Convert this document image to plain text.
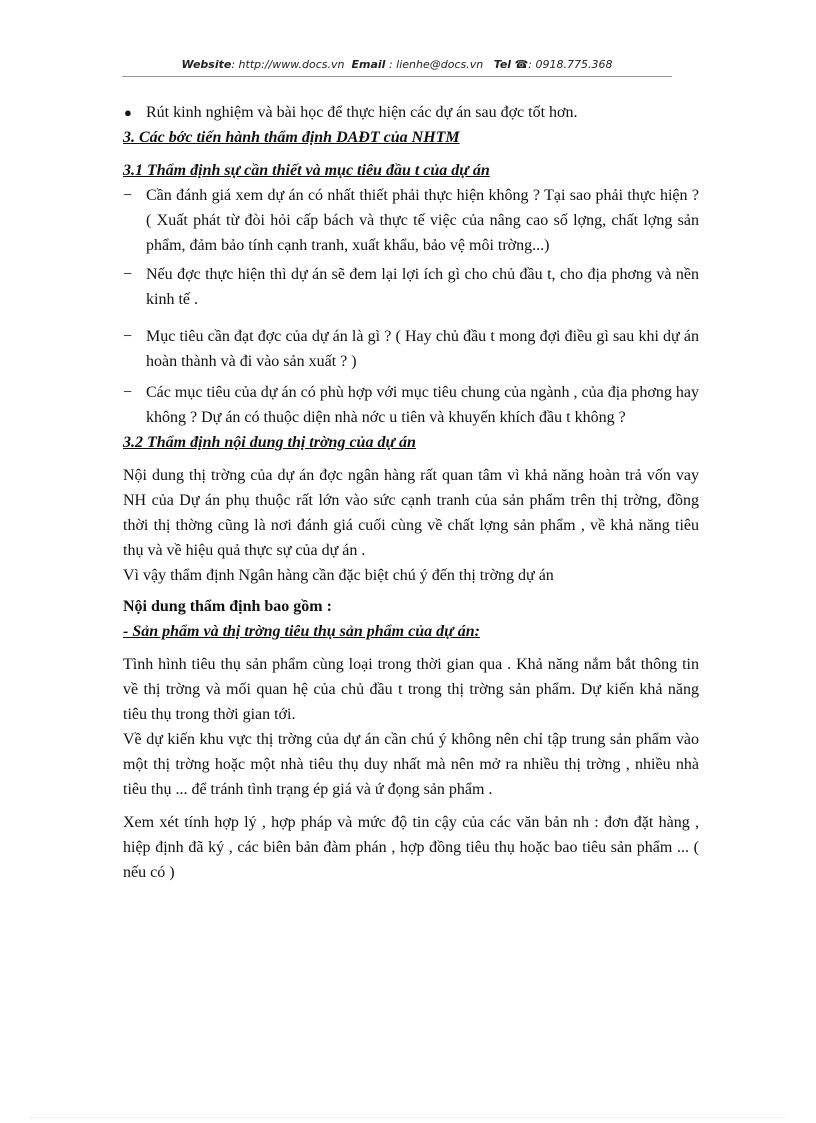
Website: http://www.docs.vn Email : lienhe@docs.vn Tel ☎: 0918.775.368
● Rút kinh nghiệm và bài học để thực hiện các dự án sau đợc tốt hơn.
3. Các bớc tiến hành thẩm định DAĐT của NHTM
3.1 Thẩm định sự cần thiết và mục tiêu đầu t của dự án
− Cần đánh giá xem dự án có nhất thiết phải thực hiện không ? Tại sao phải thực hiện ? ( Xuất phát từ đòi hỏi cấp bách và thực tế việc của nâng cao số lợng, chất lợng sản phẩm, đảm bảo tính cạnh tranh, xuất khẩu, bảo vệ môi trờng...)
− Nếu đợc thực hiện thì dự án sẽ đem lại lợi ích gì cho chủ đầu t, cho địa phơng và nền kinh tế .
− Mục tiêu cần đạt đợc của dự án là gì ? ( Hay chủ đầu t mong đợi điều gì sau khi dự án hoàn thành và đi vào sản xuất ? )
− Các mục tiêu của dự án có phù hợp với mục tiêu chung của ngành , của địa phơng hay không ? Dự án có thuộc diện nhà nớc u tiên và khuyến khích đầu t không ?
3.2 Thẩm định nội dung thị trờng của dự án

Nội dung thị trờng của dự án đợc ngân hàng rất quan tâm vì khả năng hoàn trả vốn vay NH của Dự án phụ thuộc rất lớn vào sức cạnh tranh của sản phẩm trên thị trờng, đồng thời thị thờng cũng là nơi đánh giá cuối cùng về chất lợng sản phẩm , về khả năng tiêu thụ và về hiệu quả thực sự của dự án .

Vì vậy thẩm định Ngân hàng cần đặc biệt chú ý đến thị trờng dự án

Nội dung thẩm định bao gồm :
- Sản phẩm và thị trờng tiêu thụ sản phẩm của dự án:

Tình hình tiêu thụ sản phẩm cùng loại trong thời gian qua . Khả năng nắm bắt thông tin về thị trờng và mối quan hệ của chủ đầu t trong thị trờng sản phẩm. Dự kiến khả năng tiêu thụ trong thời gian tới.

Về dự kiến khu vực thị trờng của dự án cần chú ý không nên chỉ tập trung sản phẩm vào một thị trờng hoặc một nhà tiêu thụ duy nhất mà nên mở ra nhiều thị trờng , nhiều nhà tiêu thụ ... để tránh tình trạng ép giá và ứ đọng sản phẩm .

Xem xét tính hợp lý , hợp pháp và mức độ tin cậy của các văn bản nh : đơn đặt hàng , hiệp định đã ký , các biên bản đàm phán , hợp đồng tiêu thụ hoặc bao tiêu sản phẩm ... ( nếu có )
